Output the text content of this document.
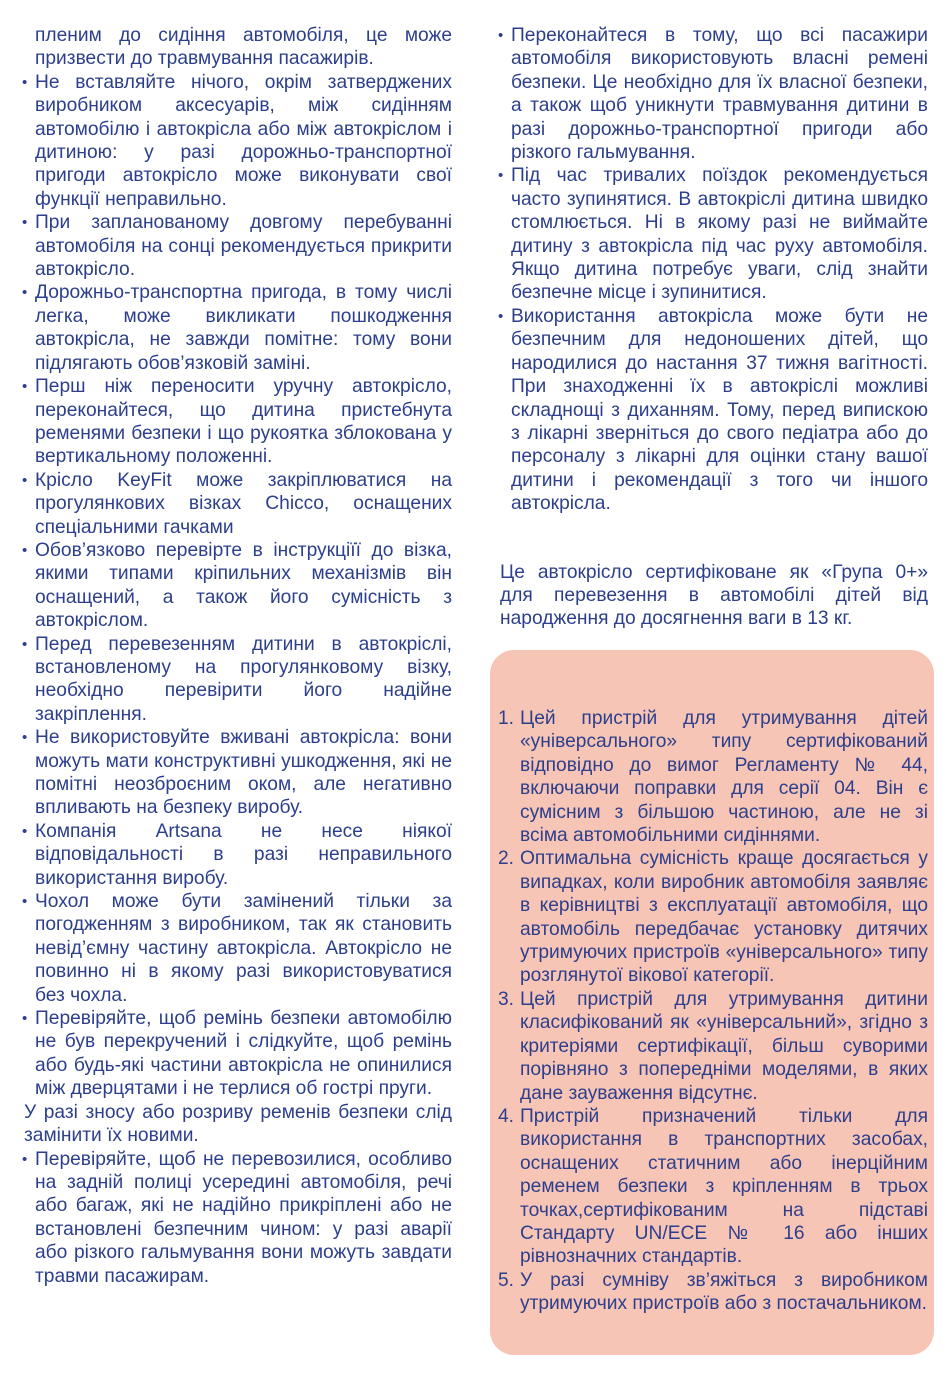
пленим до сидіння автомобіля, це може призвести до травмування пасажирів.

• Не вставляйте нічого, окрім затверджених виробником аксесуарів, між сидінням автомобілю і автокрісла або між автокріслом і дитиною: у разі дорожньо-транспортної пригоди автокрісло може виконувати свої функції неправильно.
• При запланованому довгому перебуванні автомобіля на сонці рекомендується прикрити автокрісло.
• Дорожньо-транспортна пригода, в тому числі легка, може викликати пошкодження автокрісла, не завжди помітне: тому вони підлягають обов’язковій заміні.
• Перш ніж переносити уручну автокрісло, переконайтеся, що дитина пристебнута ременями безпеки і що рукоятка зблокована у вертикальному положенні.
• Крісло KeyFit може закріплюватися на прогулянкових візках Chicco, оснащених спеціальними гачками
• Обов’язково перевірте в інструкціїї до візка, якими типами кріпильних механізмів він оснащений, а також його сумісність з автокріслом.
• Перед перевезенням дитини в автокріслі, встановленому на прогулянковому візку, необхідно перевірити його надійне закріплення.
• Не використовуйте вживані автокрісла: вони можуть мати конструктивні ушкодження, які не помітні неозброєним оком, але негативно впливають на безпеку виробу.
• Компанія Artsana не несе ніякої відповідальності в разі неправильного використання виробу.
• Чохол може бути замінений тільки за погодженням з виробником, так як становить невід’ємну частину автокрісла. Автокрісло не повинно ні в якому разі використовуватися без чохла.
• Перевіряйте, щоб ремінь безпеки автомобілю не був перекручений і слідкуйте, щоб ремінь або будь-які частини автокрісла не опинилися між дверцятами і не терлися об гострі пруги.

У разі зносу або розриву ременів безпеки слід замінити їх новими.

• Перевіряйте, щоб не перевозилися, особливо на задній полиці усередині автомобіля, речі або багаж, які не надійно прикріплені або не встановлені безпечним чином: у разі аварії або різкого гальмування вони можуть завдати травми пасажирам.
• Переконайтеся в тому, що всі пасажири автомобіля використовують власні ремені безпеки. Це необхідно для їх власної безпеки, а також щоб уникнути травмування дитини в разі дорожньо-транспортної пригоди або різкого гальмування.
• Під час тривалих поїздок рекомендується часто зупинятися. В автокріслі дитина швидко стомлюється. Ні в якому разі не виймайте дитину з автокрісла під час руху автомобіля. Якщо дитина потребує уваги, слід знайти безпечне місце і зупинитися.
• Використання автокрісла може бути не безпечним для недоношених дітей, що народилися до настання 37 тижня вагітності. При знаходженні їх в автокріслі можливі складнощі з диханням. Тому, перед випискою з лікарні зверніться до свого педіатра або до персоналу з лікарні для оцінки стану вашої дитини і рекомендації з того чи іншого автокрісла.

Це автокрісло сертифіковане як «Група 0+» для перевезення в автомобілі дітей від народження до досягнення ваги в 13 кг.

1. Цей пристрій для утримування дітей «універсального» типу сертифікований відповідно до вимог Регламенту № 44, включаючи поправки для серії 04. Він є сумісним з більшою частиною, але не зі всіма автомобільними сидіннями.
2. Оптимальна сумісність краще досягається у випадках, коли виробник автомобіля заявляє в керівництві з експлуатації автомобіля, що автомобіль передбачає установку дитячих утримуючих пристроїв «універсального» типу розглянутої вікової категорії.
3. Цей пристрій для утримування дитини класифікований як «універсальний», згідно з критеріями сертифікації, більш суворими порівняно з попередніми моделями, в яких дане зауваження відсутнє.
4. Пристрій призначений тільки для використання в транспортних засобах, оснащених статичним або інерційним ременем безпеки з кріпленням в трьох точках,сертифікованим на підставі Стандарту UN/ECE № 16 або інших рівнозначних стандартів.
5. У разі сумніву зв’яжіться з виробником утримуючих пристроїв або з постачальником.
